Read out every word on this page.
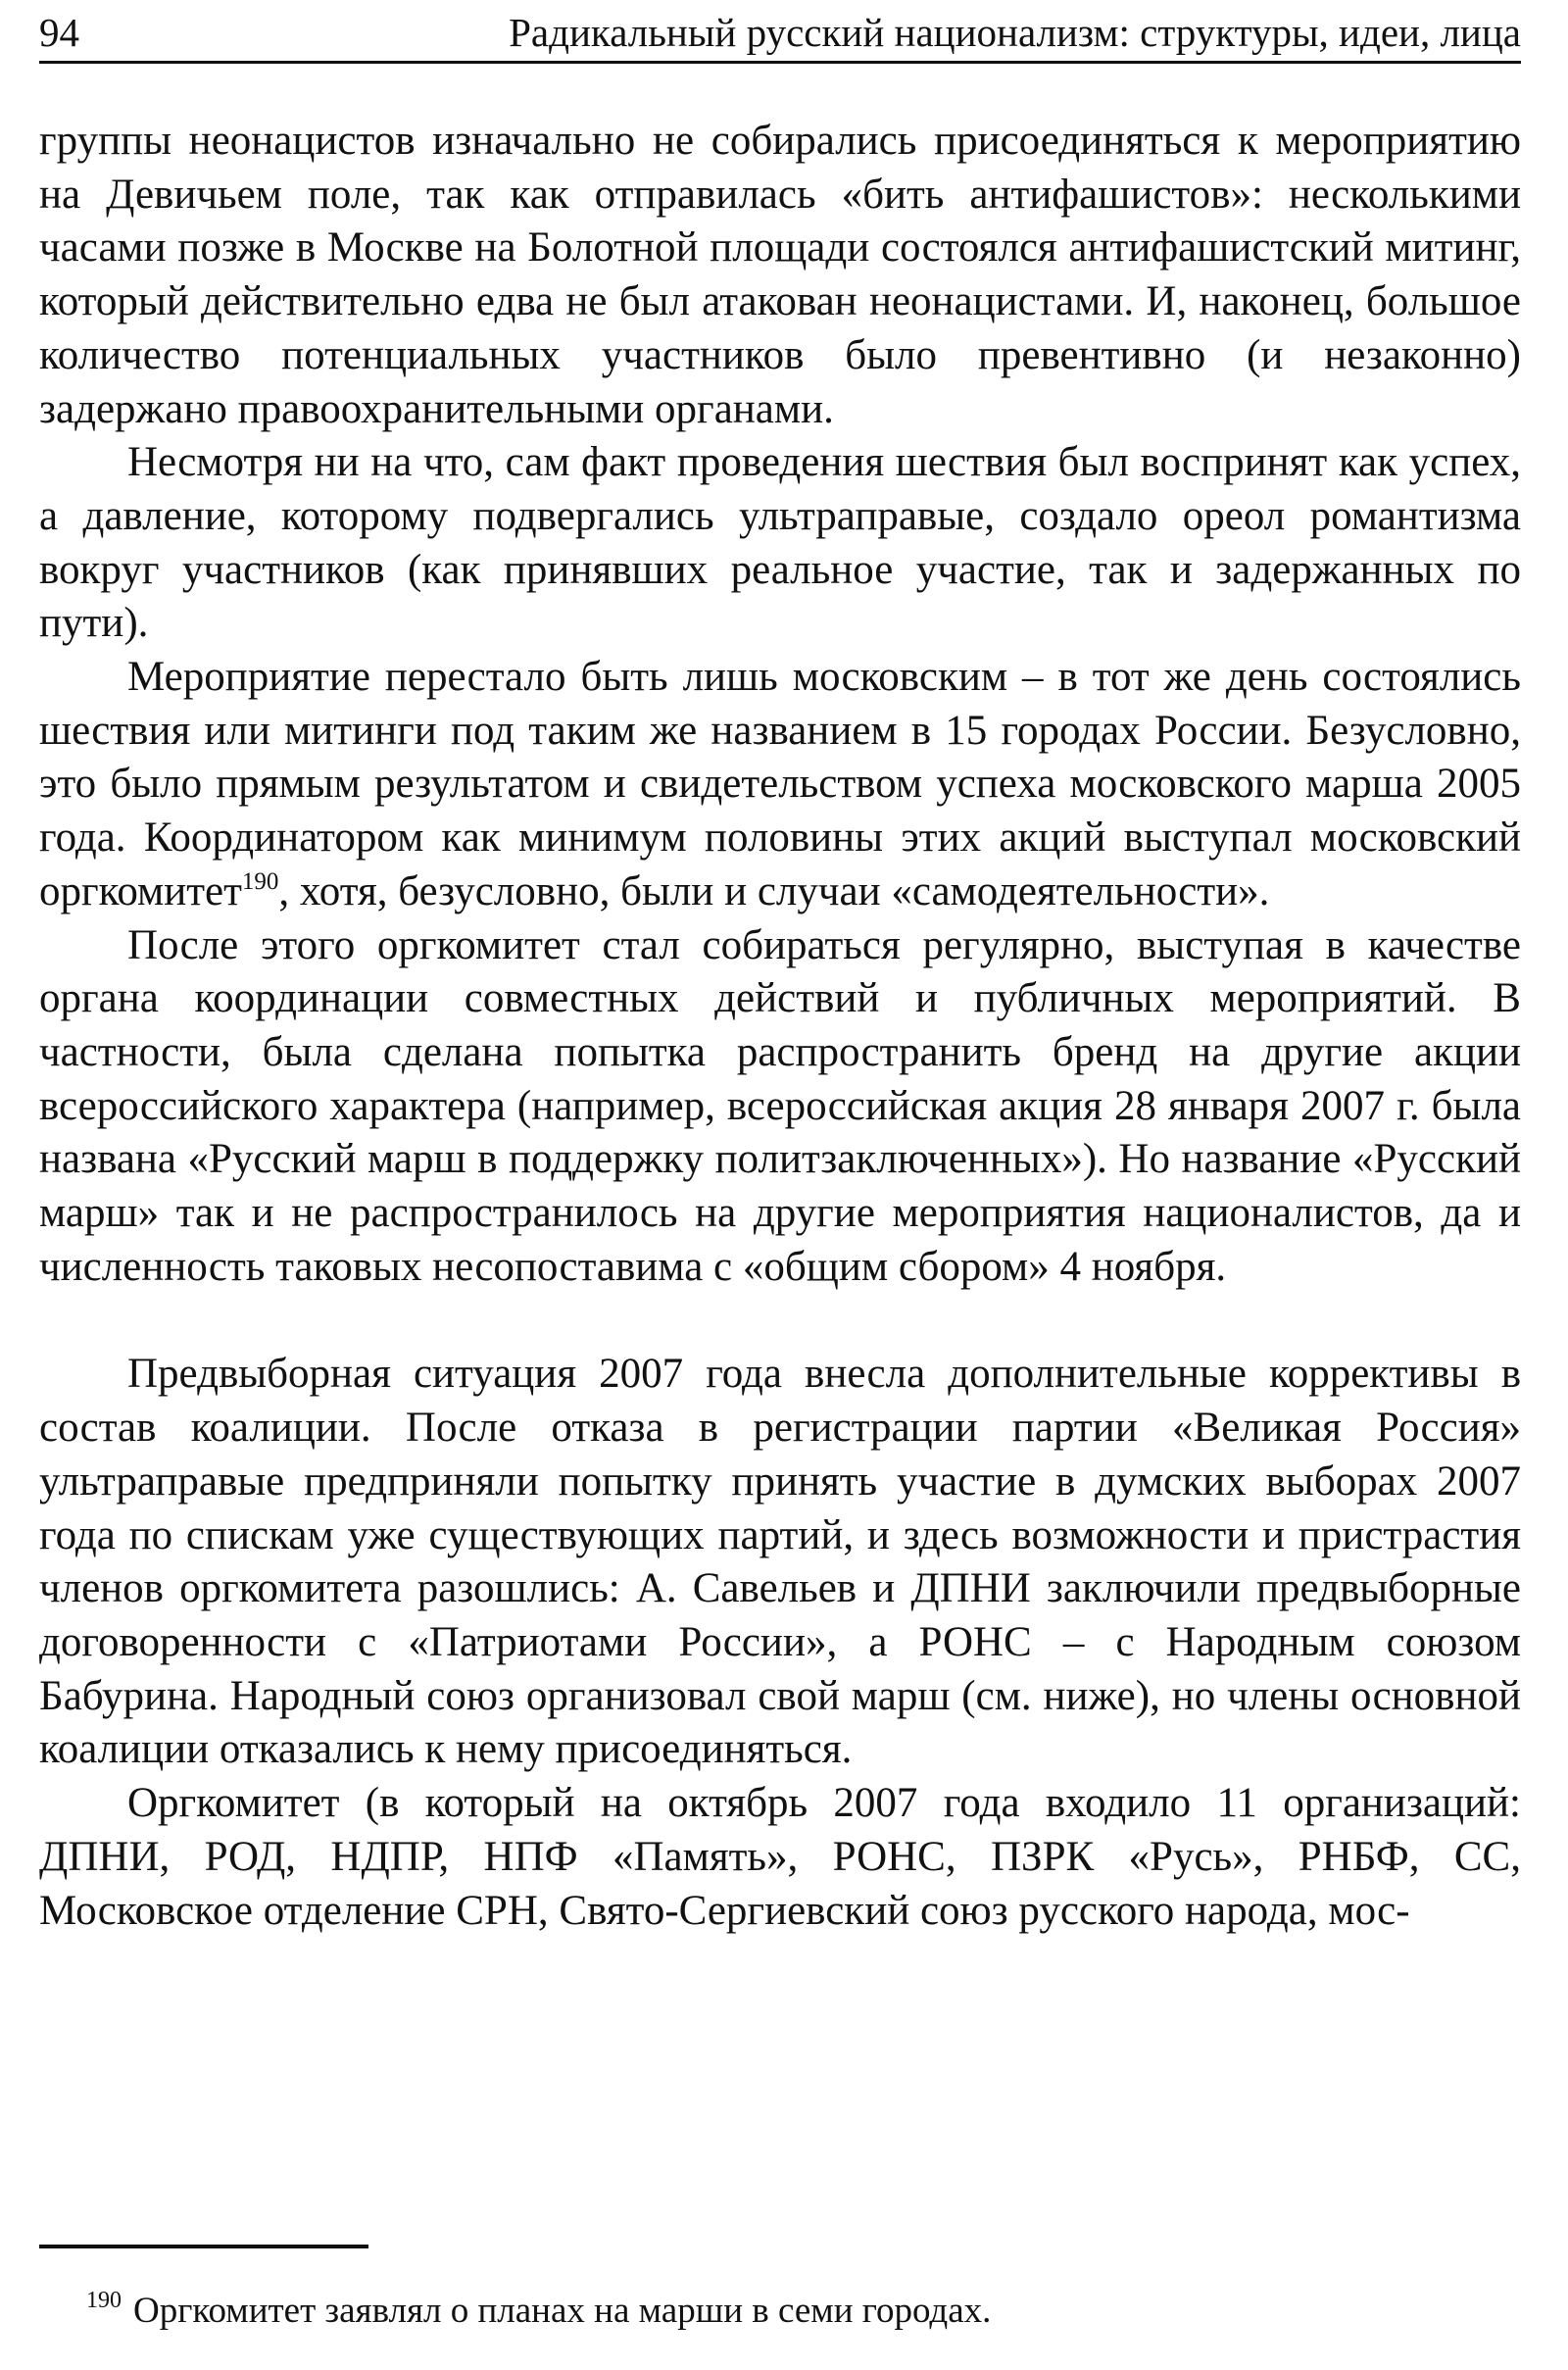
94	Радикальный русский национализм: структуры, идеи, лица

группы неонацистов изначально не собирались присоединяться к мероприятию на Девичьем поле, так как отправилась «бить антифашистов»: несколькими часами позже в Москве на Болотной площади состоялся антифашистский митинг, который действительно едва не был атакован неонацистами. И, наконец, большое количество потенциальных участников было превентивно (и незаконно) задержано правоохранительными органами.

Несмотря ни на что, сам факт проведения шествия был воспринят как успех, а давление, которому подвергались ультраправые, создало ореол романтизма вокруг участников (как принявших реальное участие, так и задержанных по пути).

Мероприятие перестало быть лишь московским – в тот же день состоялись шествия или митинги под таким же названием в 15 городах России. Безусловно, это было прямым результатом и свидетельством успеха московского марша 2005 года. Координатором как минимум половины этих акций выступал московский оргкомитет$^{190}$, хотя, безусловно, были и случаи «самодеятельности».

После этого оргкомитет стал собираться регулярно, выступая в качестве органа координации совместных действий и публичных мероприятий. В частности, была сделана попытка распространить бренд на другие акции всероссийского характера (например, всероссийская акция 28 января 2007 г. была названа «Русский марш в поддержку политзаключенных»). Но название «Русский марш» так и не распространилось на другие мероприятия националистов, да и численность таковых несопоставима с «общим сбором» 4 ноября.

Предвыборная ситуация 2007 года внесла дополнительные коррективы в состав коалиции. После отказа в регистрации партии «Великая Россия» ультраправые предприняли попытку принять участие в думских выборах 2007 года по спискам уже существующих партий, и здесь возможности и пристрастия членов оргкомитета разошлись: А. Савельев и ДПНИ заключили предвыборные договоренности с «Патриотами России», а РОНС – с Народным союзом Бабурина. Народный союз организовал свой марш (см. ниже), но члены основной коалиции отказались к нему присоединяться.

Оргкомитет (в который на октябрь 2007 года входило 11 организаций: ДПНИ, РОД, НДПР, НПФ «Память», РОНС, ПЗРК «Русь», РНБФ, СС, Московское отделение СРН, Свято-Сергиевский союз русского народа, мос-

$^{190}$ Оргкомитет заявлял о планах на марши в семи городах.
